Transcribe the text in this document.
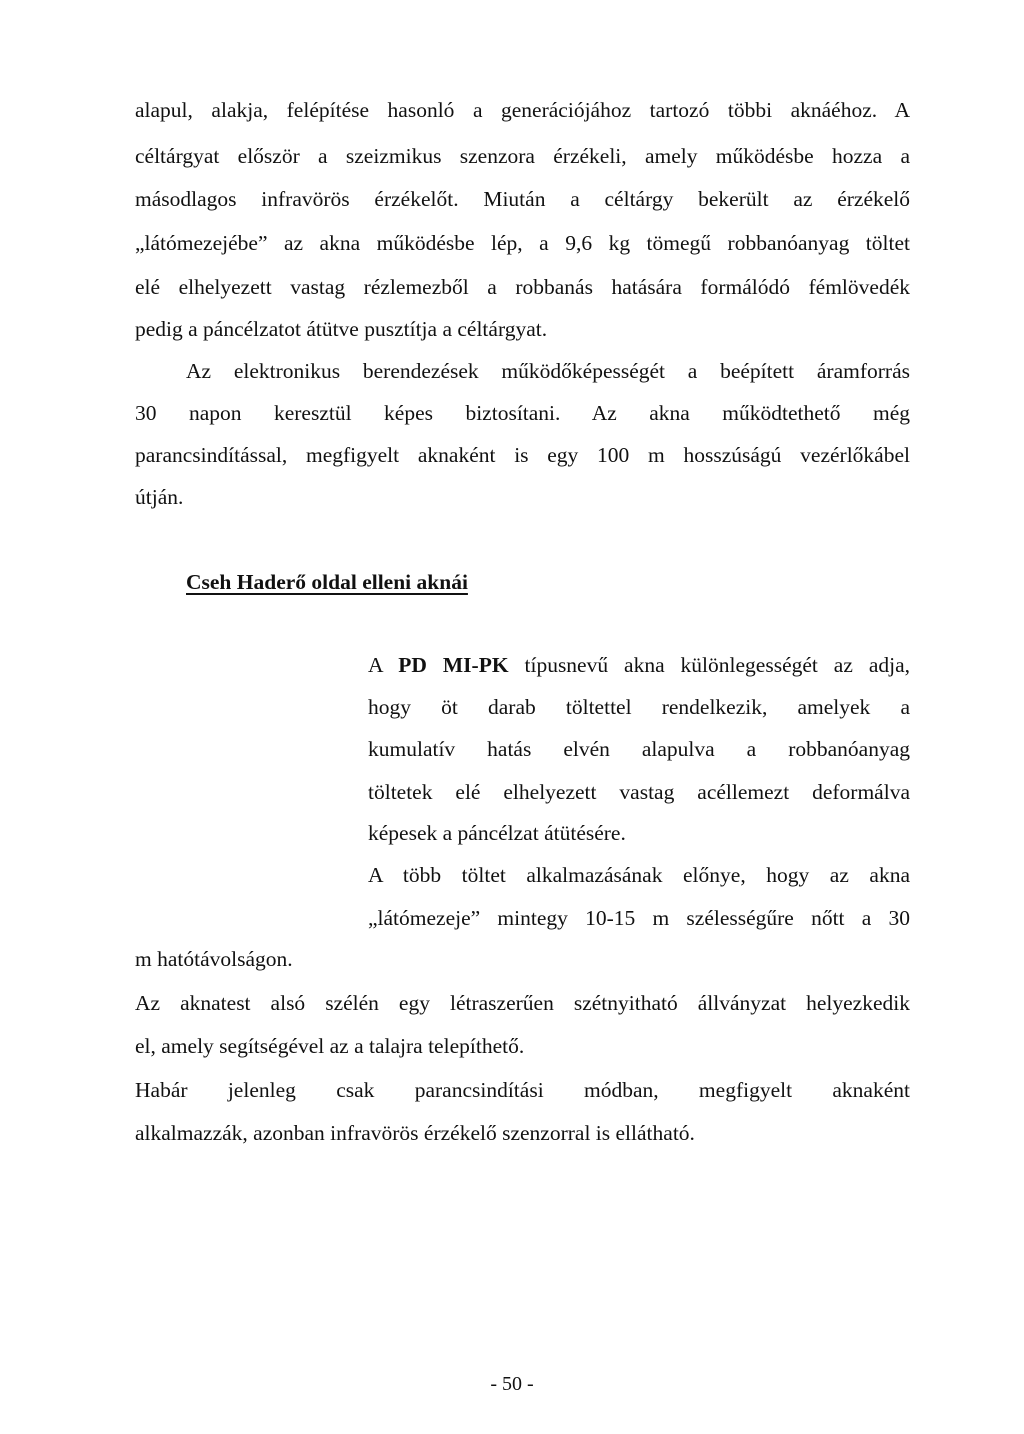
alapul, alakja, felépítése hasonló a generációjához tartozó többi aknáéhoz. A
céltárgyat először a szeizmikus szenzora érzékeli, amely működésbe hozza a
másodlagos infravörös érzékelőt. Miután a céltárgy bekerült az érzékelő
„látómezejébe” az akna működésbe lép, a 9,6 kg tömegű robbanóanyag töltet
elé elhelyezett vastag rézlemezből a robbanás hatására formálódó fémlövedék
pedig a páncélzatot átütve pusztítja a céltárgyat.
Az elektronikus berendezések működőképességét a beépített áramforrás
30 napon keresztül képes biztosítani. Az akna működtethető még
parancsindítással, megfigyelt aknaként is egy 100 m hosszúságú vezérlőkábel
útján.
Cseh Haderő oldal elleni aknái
A PD MI-PK típusnevű akna különlegességét az adja,
hogy öt darab töltettel rendelkezik, amelyek a
kumulatív hatás elvén alapulva a robbanóanyag
töltetek elé elhelyezett vastag acéllemezt deformálva
képesek a páncélzat átütésére.
A több töltet alkalmazásának előnye, hogy az akna
„látómezeje” mintegy 10-15 m szélességűre nőtt a 30
m hatótávolságon.
Az aknatest alsó szélén egy létraszerűen szétnyitható állványzat helyezkedik
el, amely segítségével az a talajra telepíthető.
Habár jelenleg csak parancsindítási módban, megfigyelt aknaként
alkalmazzák, azonban infravörös érzékelő szenzorral is ellátható.
- 50 -
